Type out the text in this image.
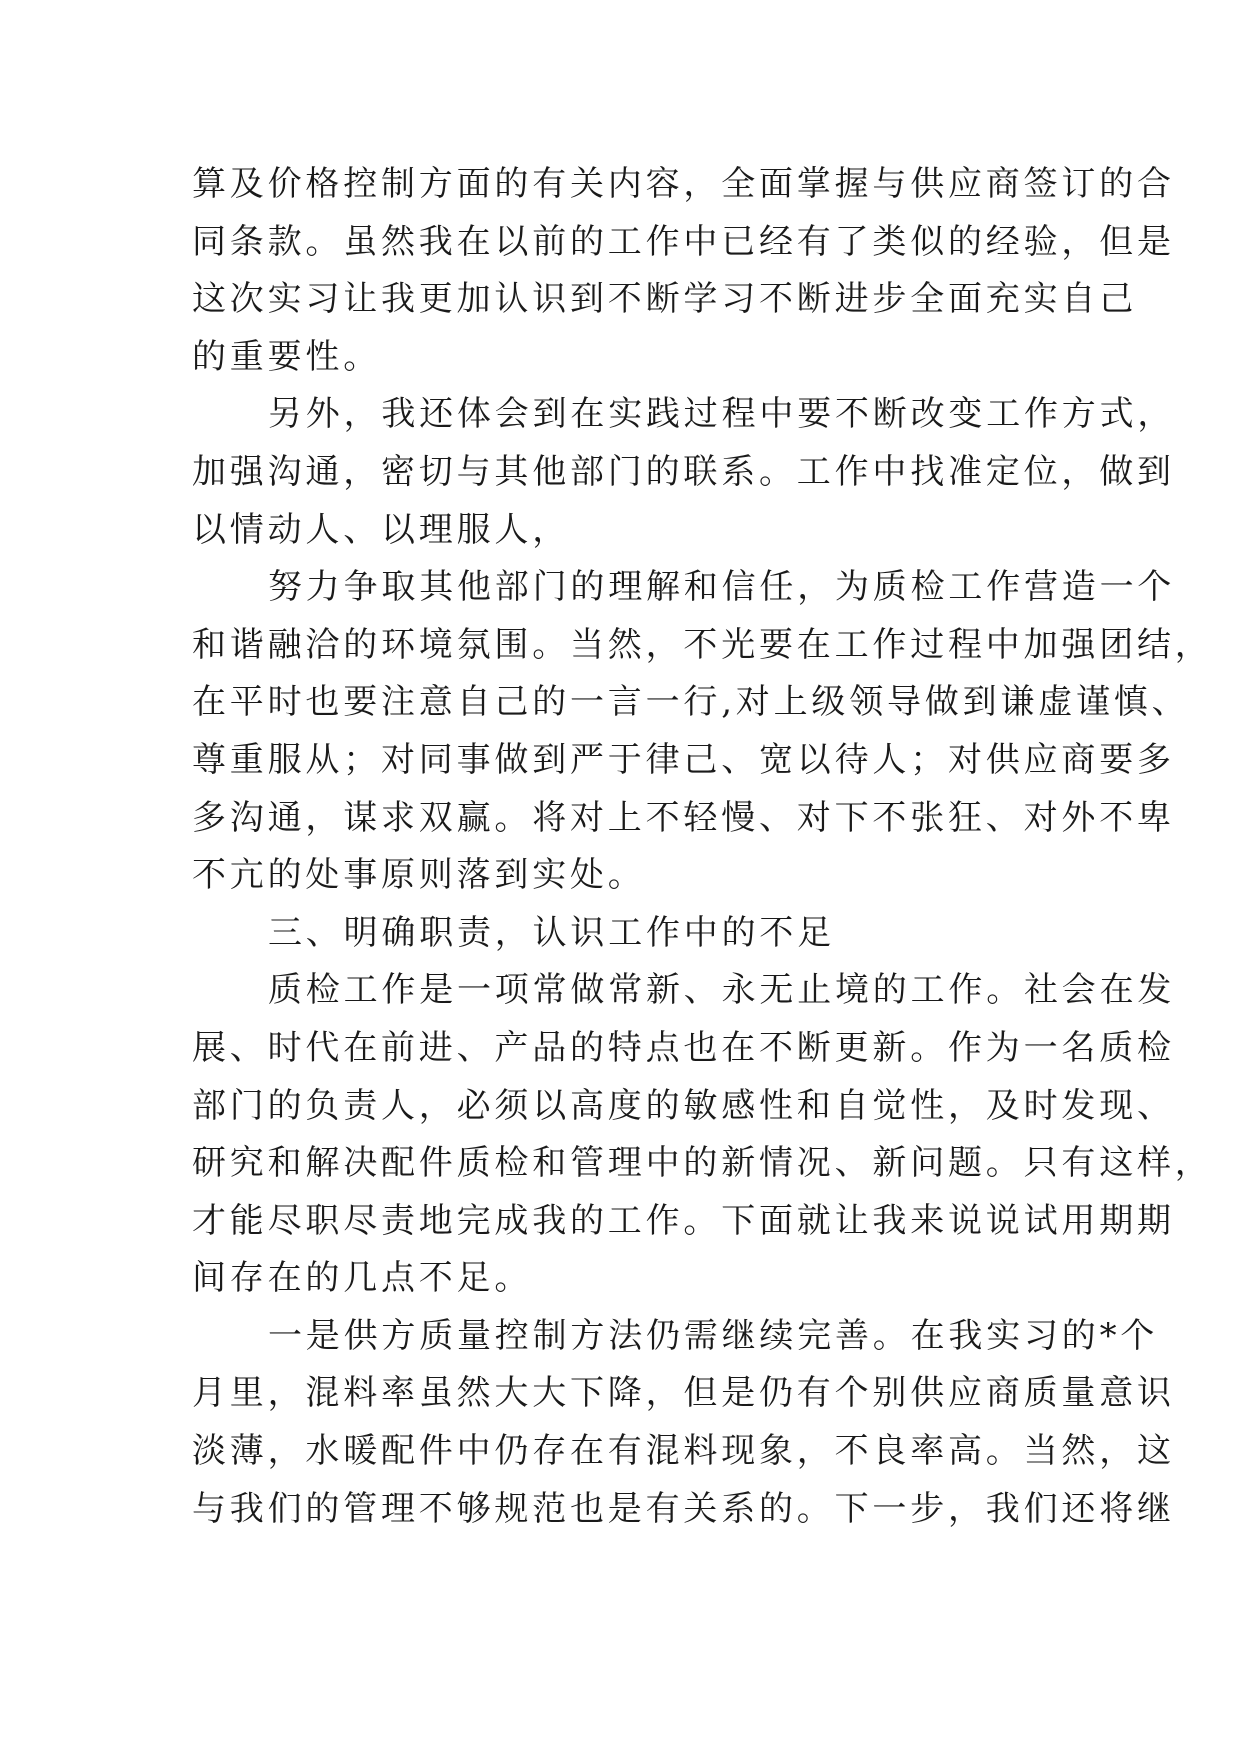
算及价格控制方面的有关内容，全面掌握与供应商签订的合
同条款。虽然我在以前的工作中已经有了类似的经验，但是
这次实习让我更加认识到不断学习不断进步全面充实自己
的重要性。
另外，我还体会到在实践过程中要不断改变工作方式，
加强沟通，密切与其他部门的联系。工作中找准定位，做到
以情动人、以理服人，
努力争取其他部门的理解和信任，为质检工作营造一个
和谐融洽的环境氛围。当然，不光要在工作过程中加强团结，
在平时也要注意自己的一言一行,对上级领导做到谦虚谨慎、
尊重服从；对同事做到严于律己、宽以待人；对供应商要多
多沟通，谋求双赢。将对上不轻慢、对下不张狂、对外不卑
不亢的处事原则落到实处。
三、明确职责，认识工作中的不足
质检工作是一项常做常新、永无止境的工作。社会在发
展、时代在前进、产品的特点也在不断更新。作为一名质检
部门的负责人，必须以高度的敏感性和自觉性，及时发现、
研究和解决配件质检和管理中的新情况、新问题。只有这样，
才能尽职尽责地完成我的工作。下面就让我来说说试用期期
间存在的几点不足。
一是供方质量控制方法仍需继续完善。在我实习的*个
月里，混料率虽然大大下降，但是仍有个别供应商质量意识
淡薄，水暖配件中仍存在有混料现象，不良率高。当然，这
与我们的管理不够规范也是有关系的。下一步，我们还将继
